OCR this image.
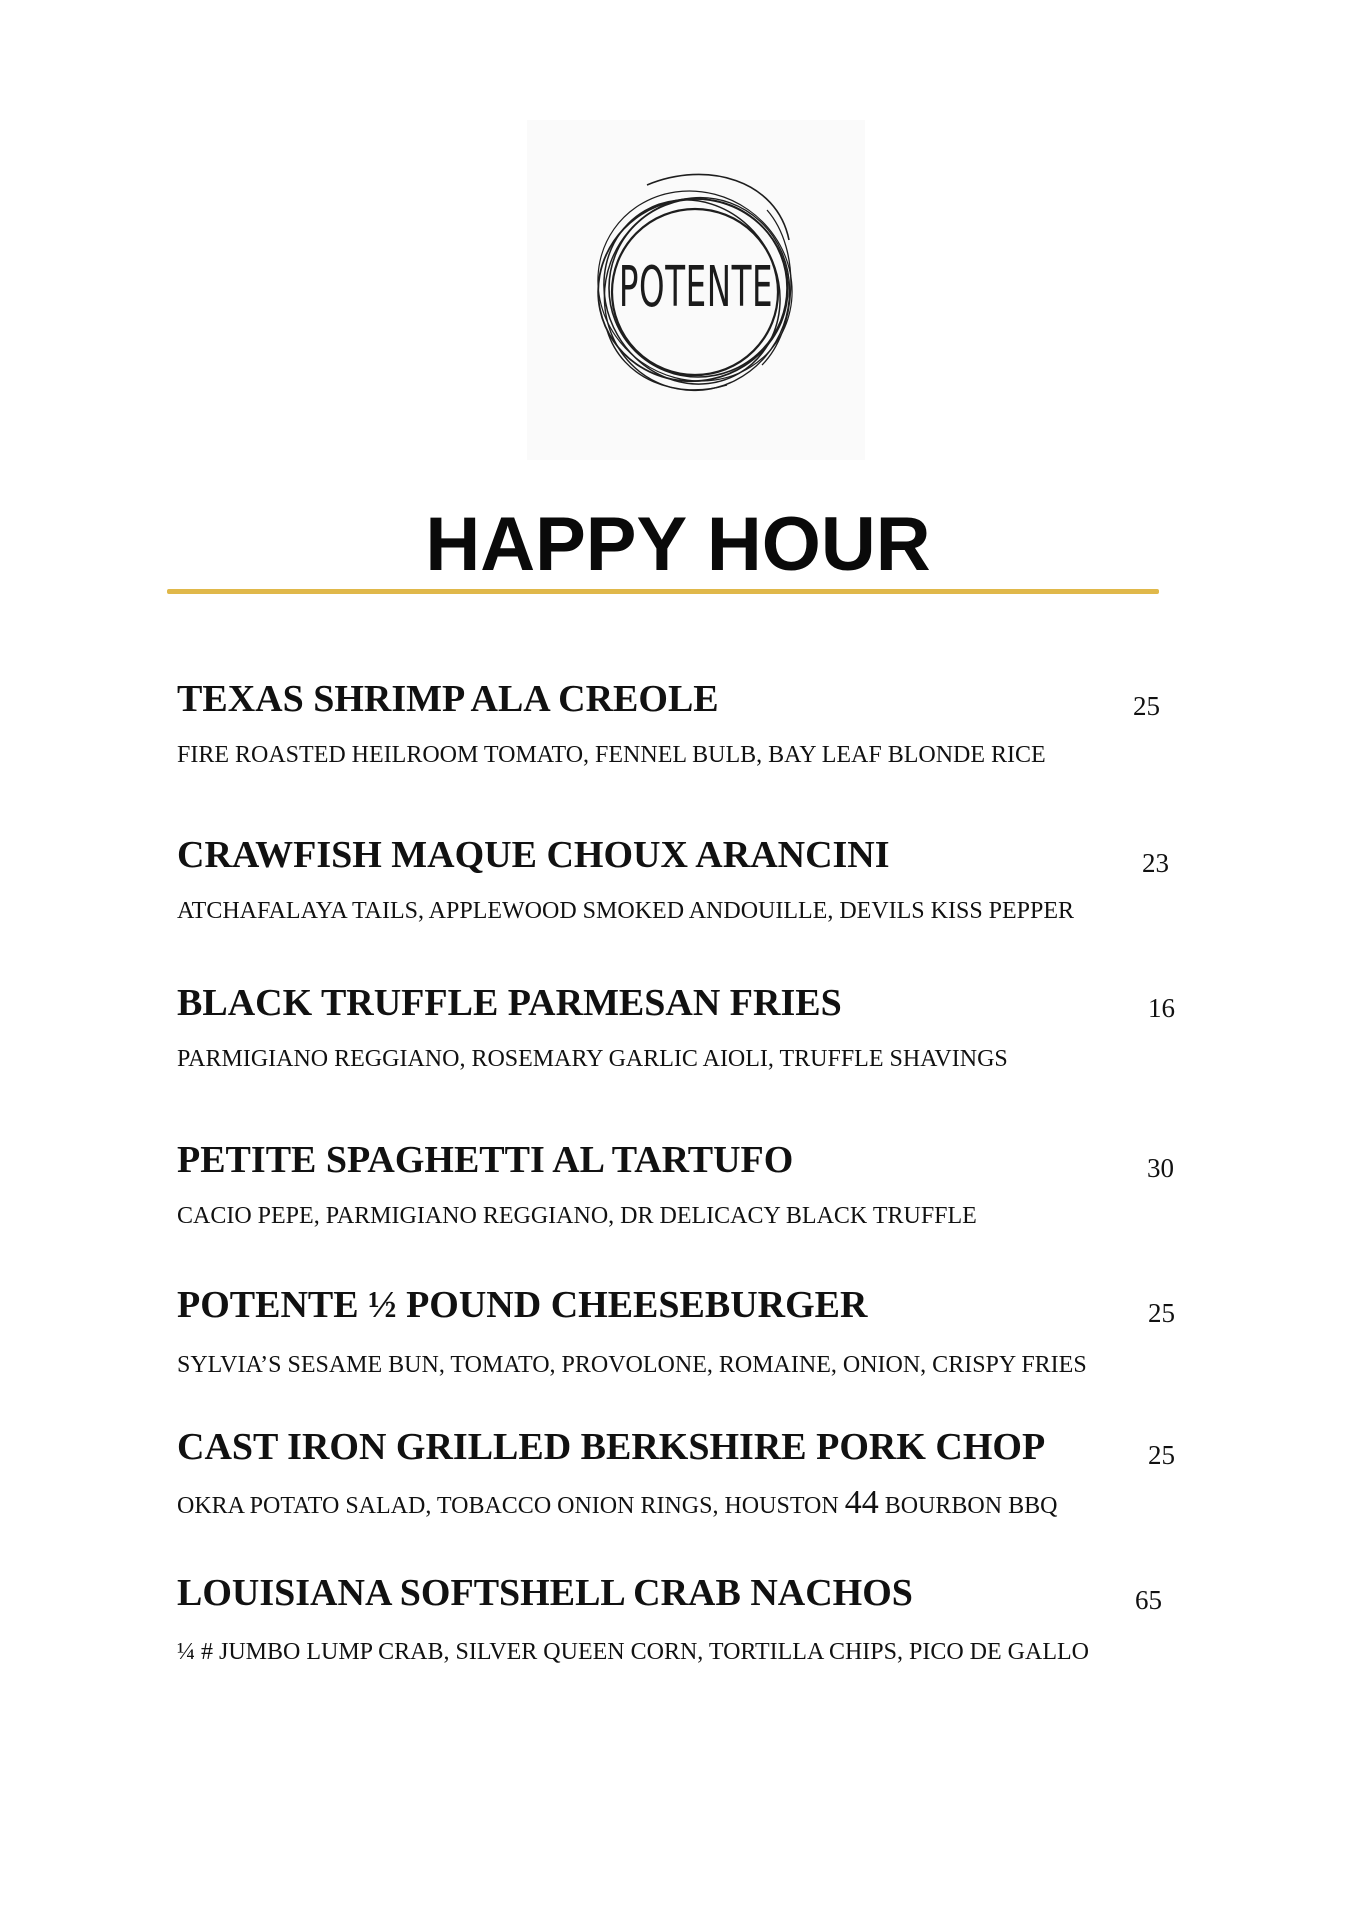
POTENTE
HAPPY HOUR
TEXAS SHRIMP ALA CREOLE	25
FIRE ROASTED HEILROOM TOMATO, FENNEL BULB, BAY LEAF BLONDE RICE
CRAWFISH MAQUE CHOUX ARANCINI	23
ATCHAFALAYA TAILS, APPLEWOOD SMOKED ANDOUILLE, DEVILS KISS PEPPER
BLACK TRUFFLE PARMESAN FRIES	16
PARMIGIANO REGGIANO, ROSEMARY GARLIC AIOLI, TRUFFLE SHAVINGS
PETITE SPAGHETTI AL TARTUFO	30
CACIO PEPE, PARMIGIANO REGGIANO, DR DELICACY BLACK TRUFFLE
POTENTE ½ POUND CHEESEBURGER	25
SYLVIA’S SESAME BUN, TOMATO, PROVOLONE, ROMAINE, ONION, CRISPY FRIES
CAST IRON GRILLED BERKSHIRE PORK CHOP	25
OKRA POTATO SALAD, TOBACCO ONION RINGS, HOUSTON 44 BOURBON BBQ
LOUISIANA SOFTSHELL CRAB NACHOS	65
¼ # JUMBO LUMP CRAB, SILVER QUEEN CORN, TORTILLA CHIPS, PICO DE GALLO
